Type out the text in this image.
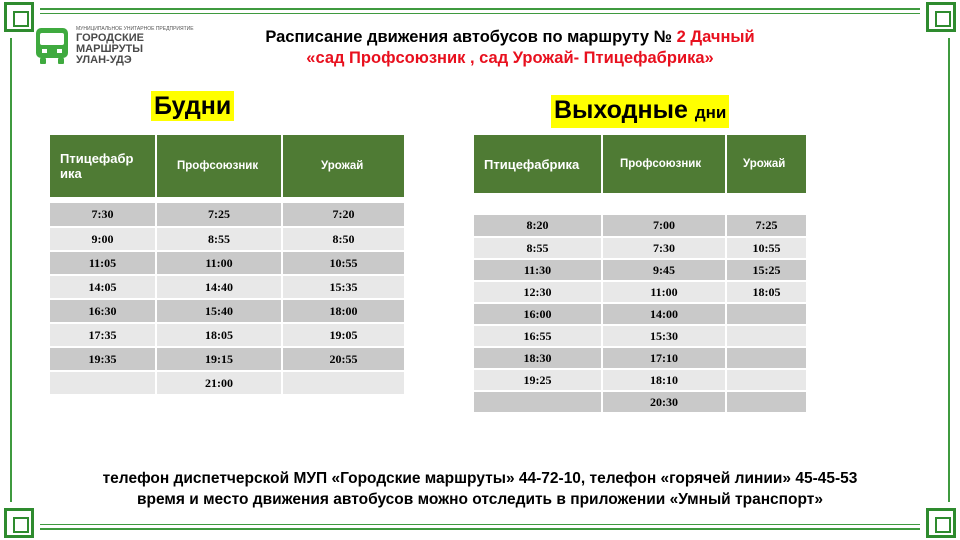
МУНИЦИПАЛЬНОЕ УНИТАРНОЕ ПРЕДПРИЯТИЕ
ГОРОДСКИЕ
МАРШРУТЫ
УЛАН-УДЭ
Расписание движения автобусов по маршруту № 2 Дачный
«сад Профсоюзник , сад Урожай- Птицефабрика»
Будни	Выходные дни
Птицефабр ика	Профсоюзник	Урожай

7:30	7:25	7:20
9:00	8:55	8:50
11:05	11:00	10:55
14:05	14:40	15:35
16:30	15:40	18:00
17:35	18:05	19:05
19:35	19:15	20:55
	21:00	
Птицефабрика	Профсоюзник	Урожай

8:20	7:00	7:25
8:55	7:30	10:55
11:30	9:45	15:25
12:30	11:00	18:05
16:00	14:00	
16:55	15:30	
18:30	17:10	
19:25	18:10	
	20:30	
телефон диспетчерской МУП «Городские маршруты» 44-72-10, телефон «горячей линии» 45-45-53
время и место движения автобусов можно отследить в приложении «Умный транспорт»
